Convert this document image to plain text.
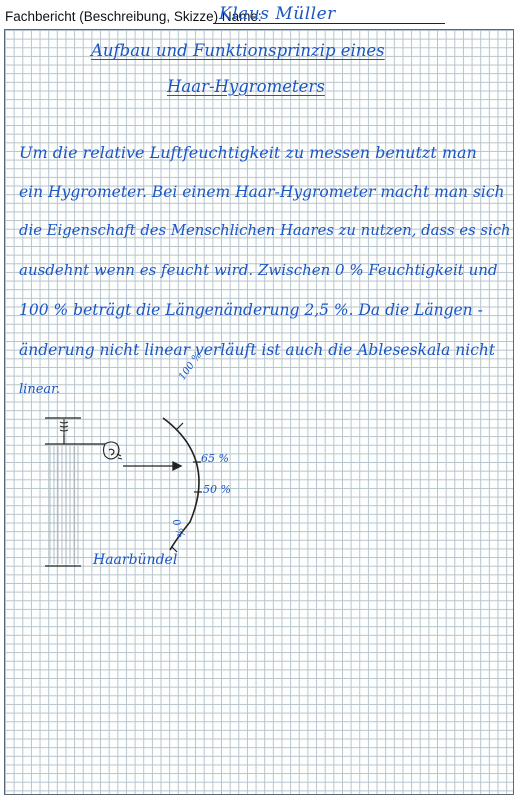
Fachbericht (Beschreibung, Skizze) Name:
Klaus Müller
Aufbau und Funktionsprinzip eines
Haar-Hygrometers
Um die relative Luftfeuchtigkeit zu messen benutzt man
ein Hygrometer. Bei einem Haar-Hygrometer macht man sich
die Eigenschaft des Menschlichen Haares zu nutzen, dass es sich
ausdehnt wenn es feucht wird. Zwischen 0 % Feuchtigkeit und
100 % beträgt die Längenänderung 2,5 %. Da die Längen -
änderung nicht linear verläuft ist auch die Ableseskala nicht
linear.
100 %
65 %
50 %
0 %
Haarbündel
